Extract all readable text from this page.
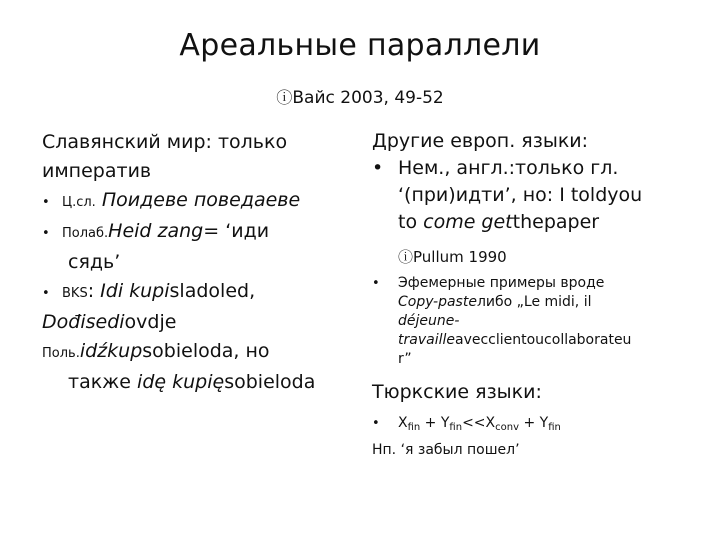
Ареальные параллели
ⓘВайс 2003, 49-52
Славянский мир: только
императив
• Ц.сл. Поидеве поведаеве
• Полаб.Heid zang= ‘иди
сядь’
• BKS: Idi kupisladoled,
Dođisediovdje
Поль.idźkupsobieloda, но
также idę kupięsobieloda
Другие европ. языки:
• Нем., англ.:только гл.
‘(при)идти’, но: I toldyou
to come getthepaper
ⓘPullum 1990
• Эфемерные примеры вроде
Copy-pasteлибо „Le midi, il
déjeune-
travailleavecclientoucollaborateu
r”
Тюркские языки:
• $X_{fin} + Y_{fin}<<X_{conv} + Y_{fin}$
Нп. ‘я забыл пошел’
